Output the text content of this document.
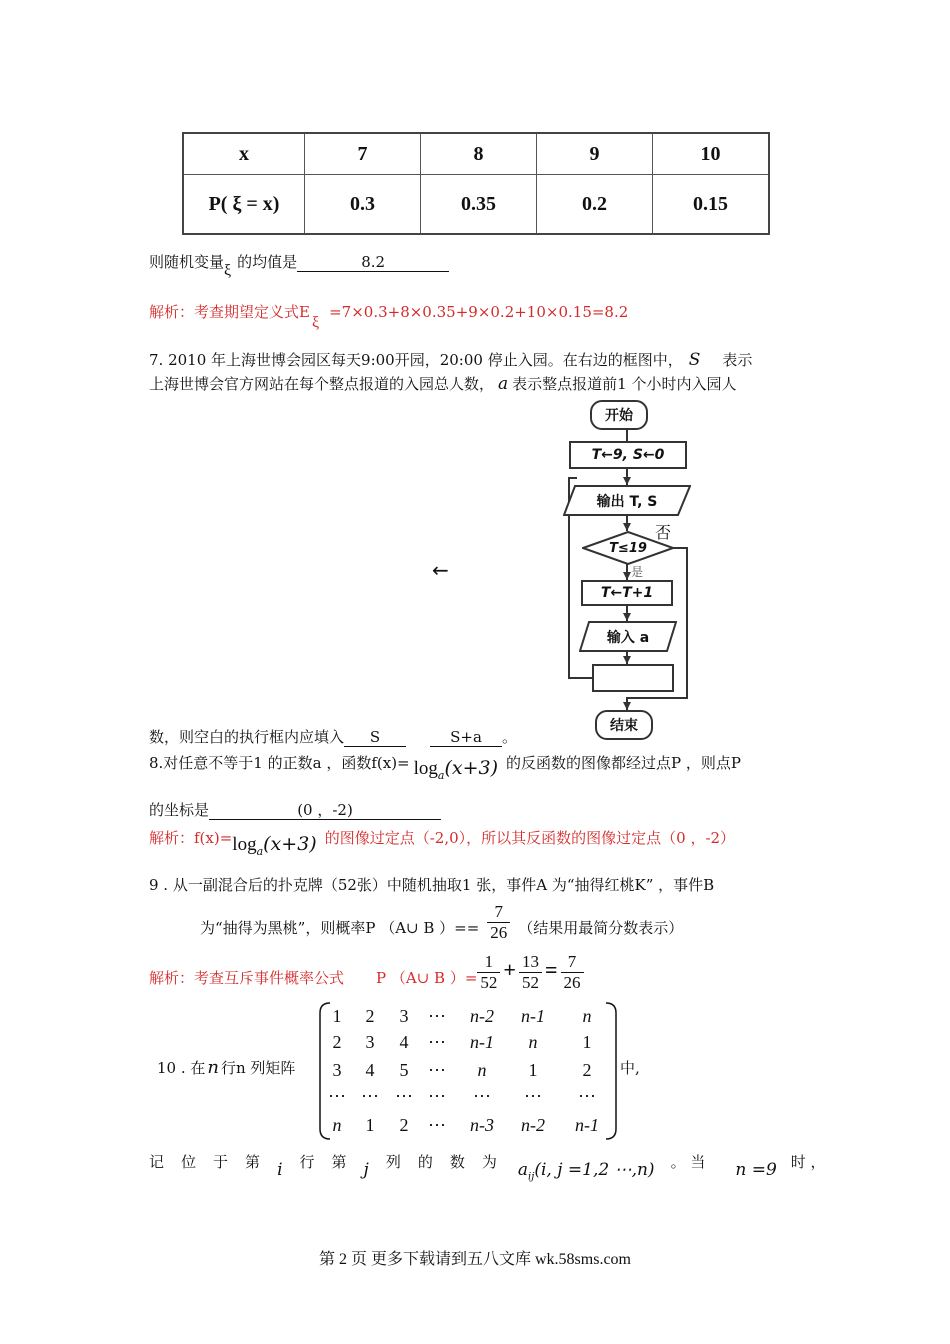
x	7	8	9	10
P( ξ = x)	0.3	0.35	0.2	0.15
则随机变量ξ 的均值是	8.2
解析：考查期望定义式Eξ=7×0.3+8×0.35+9×0.2+10×0.15=8.2
7. 2010 年上海世博会园区每天9:00开园，20:00 停止入园。在右边的框图中， S 表示
上海世博会官方网站在每个整点报道的入园总人数， a 表示整点报道前1 个小时内入园人
←
开始
T←9, S←0
输出 T, S
否
T≤19
是
T←T+1
输入 a
结束
数，则空白的执行框内应填入 S	S+a 。
8.对任意不等于1 的正数a ，函数$f(x)= \log_a(x+3)$ 的反函数的图像都经过点P ，则点P
的坐标是	(0 ，-2)
解析：$f(x)=\log_a(x+3)$ 的图像过定点（-2,0），所以其反函数的图像过定点（0 ，-2）
9 . 从一副混合后的扑克牌（52张）中随机抽取1 张，事件A 为“抽得红桃K” ，事件B
为“抽得为黑桃”，则概率P （A∪ B ）== $\frac{7}{26}$ （结果用最简分数表示）
解析：考查互斥事件概率公式 P （A∪ B ）= $\frac{1}{52} + \frac{13}{52} = \frac{7}{26}$
10 . 在 n 行n 列矩阵
1	2	3	⋯	n-2	n-1	n
2	3	4	⋯	n-1	n	1
3	4	5	⋯	n	1	2
⋯ ⋯ ⋯ ⋯	⋯	⋯	⋯
n	1	2	⋯	n-3	n-2	n-1
中,
记 位 于 第 i 行 第 j 列 的 数 为 $a_{ij}(i$, j =1,2 ⋯,n) 。 当 n =9 时 ，
第 2 页 更多下载请到五八文库 wk.58sms.com
